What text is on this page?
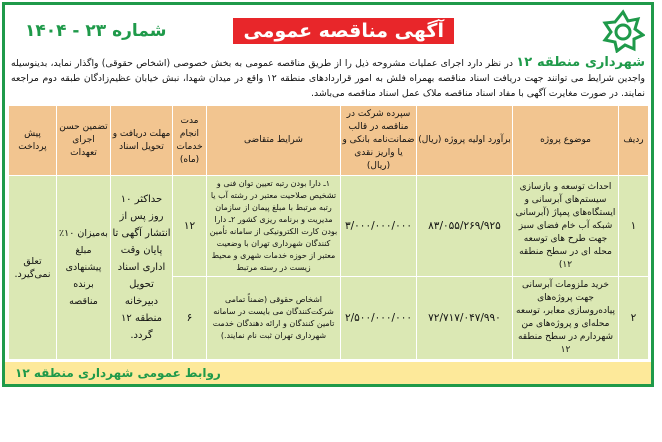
آگهی مناقصه عمومی
شماره ۲۳ - ۱۴۰۴
شهرداری منطقه ۱۲ در نظر دارد اجرای عملیات مشروحه ذیل را از طریق مناقصه عمومی به بخش خصوصی (اشخاص حقوقی) واگذار نماید، بدینوسیله واجدین شرایط می توانند جهت دریافت اسناد مناقصه بهمراه فلش به امور قراردادهای منطقه ۱۲ واقع در میدان شهدا، نبش خیابان عظیم‌زادگان طبقه دوم مراجعه نمایند. در صورت مغایرت آگهی با مفاد اسناد مناقصه ملاک عمل اسناد مناقصه می‌باشد.
ردیف	موضوع پروژه	برآورد اولیه پروژه (ریال)	سپرده شرکت در مناقصه در قالب ضمانت‌نامه بانکی و یا واریز نقدی (ریال)	شرایط متقاضی	مدت انجام خدمات (ماه)	مهلت دریافت و تحویل اسناد	تضمین حسن اجرای تعهدات	پیش پرداخت
۱	احداث توسعه و بازسازی سیستم‌های آبرسانی و ایستگاه‌های پمپاژ (آبرسانی شبکه آب خام فضای سبز جهت طرح های توسعه محله ای در سطح منطقه ۱۲)	۸۳/۰۵۵/۲۶۹/۹۲۵	۳/۰۰۰/۰۰۰/۰۰۰	۱ـ دارا بودن رتبه تعیین توان فنی و تشخیص صلاحیت معتبر در رشته آب یا رتبه مرتبط با مبلغ پیمان از سازمان مدیریت و برنامه ریزی کشور ۲ـ دارا بودن کارت الکترونیکی از سامانه تأمین کنندگان شهرداری تهران با وضعیت معتبر از حوزه خدمات شهری و محیط زیست در رسته مرتبط	۱۲	حداکثر ۱۰ روز پس از انتشار آگهی تا پایان وقت اداری اسناد تحویل دبیرخانه منطقه ۱۲ گردد.	به‌میزان ۱۰٪ مبلغ پیشنهادی برنده مناقصه	تعلق نمی‌گیرد.
۲	خرید ملزومات آبرسانی جهت پروژه‌های پیاده‌روسازی معابر، توسعه محله‌ای و پروژه‌های من شهردارم در سطح منطقه ۱۲	۷۲/۷۱۷/۰۴۷/۹۹۰	۲/۵۰۰/۰۰۰/۰۰۰	اشخاص حقوقی (ضمناً تمامی شرکت‌کنندگان می بایست در سامانه تامین کنندگان و ارائه دهندگان خدمت شهرداری تهران ثبت نام نمایند.)	۶			
روابط عمومی شهرداری منطقه ۱۲
